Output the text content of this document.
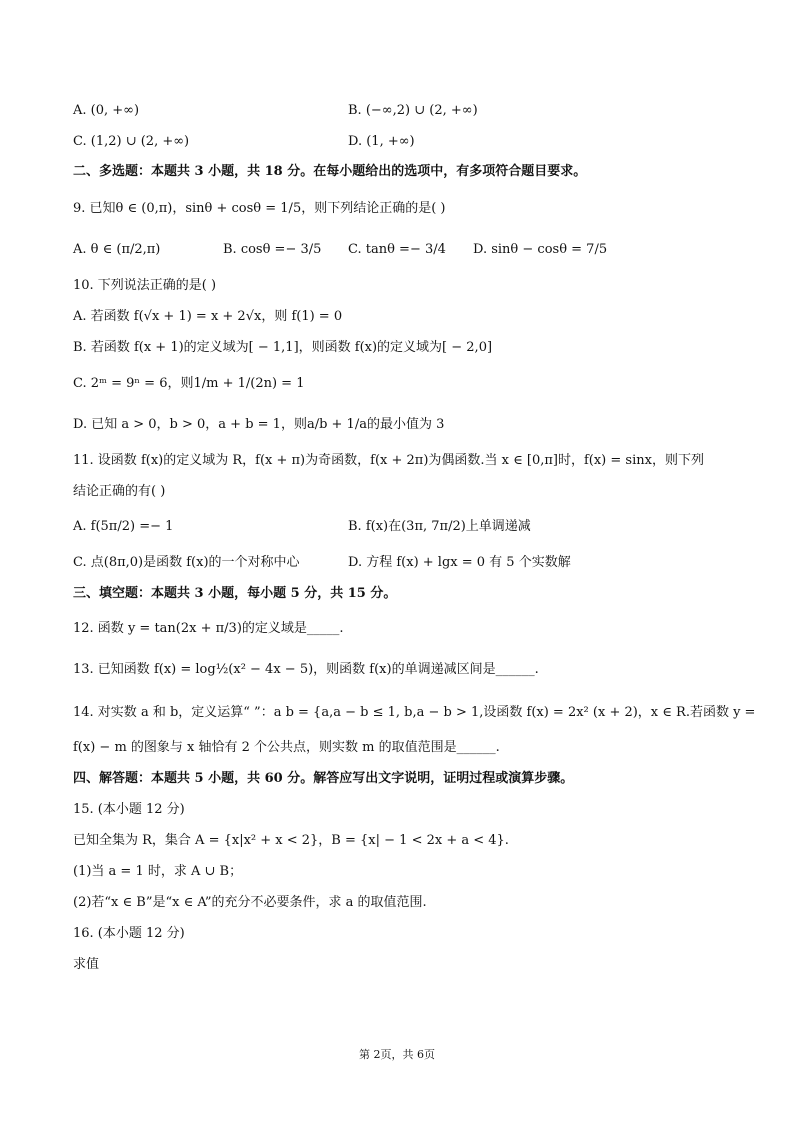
A. (0, +∞)	B. (−∞,2) ∪ (2, +∞)
C. (1,2) ∪ (2, +∞)	D. (1, +∞)
二、多选题：本题共 3 小题，共 18 分。在每小题给出的选项中，有多项符合题目要求。
9. 已知θ ∈ (0,π)，sinθ + cosθ = 1/5，则下列结论正确的是( )
A. θ ∈ (π/2,π)	B. cosθ =− 3/5 C. tanθ =− 3/4 D. sinθ − cosθ = 7/5
10. 下列说法正确的是( )
A. 若函数 f(√x + 1) = x + 2√x，则 f(1) = 0
B. 若函数 f(x + 1)的定义域为[ − 1,1]，则函数 f(x)的定义域为[ − 2,0]
C. 2ᵐ = 9ⁿ = 6，则1/m + 1/(2n) = 1
D. 已知 a > 0，b > 0，a + b = 1，则a/b + 1/a的最小值为 3
11. 设函数 f(x)的定义域为 R，f(x + π)为奇函数，f(x + 2π)为偶函数.当 x ∈ [0,π]时，f(x) = sinx，则下列
结论正确的有( )
A. f(5π/2) =− 1	B. f(x)在(3π, 7π/2)上单调递减
C. 点(8π,0)是函数 f(x)的一个对称中心	D. 方程 f(x) + lgx = 0 有 5 个实数解
三、填空题：本题共 3 小题，每小题 5 分，共 15 分。
12. 函数 y = tan(2x + π/3)的定义域是_____.
13. 已知函数 f(x) = log½(x² − 4x − 5)，则函数 f(x)的单调递减区间是______.
14. 对实数 a 和 b，定义运算“ ”：a b = {a,a − b ≤ 1, b,a − b > 1,设函数 f(x) = 2x² (x + 2)，x ∈ R.若函数 y =
f(x) − m 的图象与 x 轴恰有 2 个公共点，则实数 m 的取值范围是______.
四、解答题：本题共 5 小题，共 60 分。解答应写出文字说明，证明过程或演算步骤。
15. (本小题 12 分)
已知全集为 R，集合 A = {x|x² + x < 2}，B = {x| − 1 < 2x + a < 4}.
(1)当 a = 1 时，求 A ∪ B；
(2)若“x ∈ B”是“x ∈ A”的充分不必要条件，求 a 的取值范围.
16. (本小题 12 分)
求值
第 2页，共 6页
